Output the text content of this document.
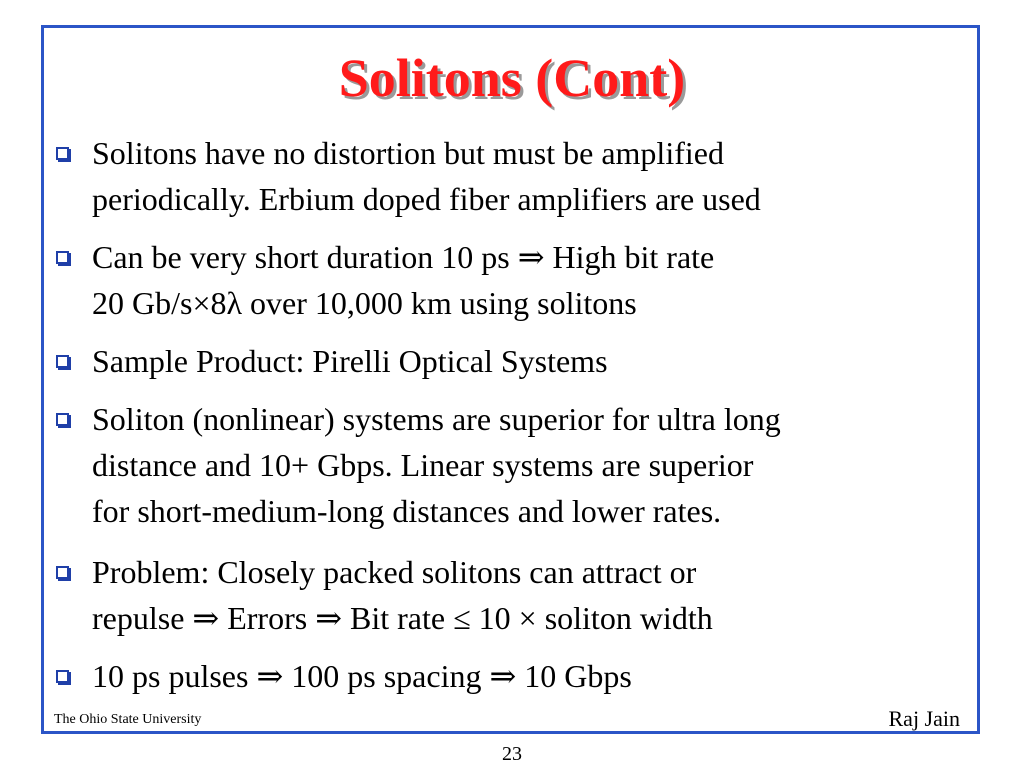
Solitons (Cont)
Solitons have no distortion but must be amplified
periodically. Erbium doped fiber amplifiers are used
Can be very short duration 10 ps ⇒ High bit rate
20 Gb/s×8λ over 10,000 km using solitons
Sample Product: Pirelli Optical Systems
Soliton (nonlinear) systems are superior for ultra long
distance and 10+ Gbps. Linear systems are superior
for short-medium-long distances and lower rates.
Problem: Closely packed solitons can attract or
repulse ⇒ Errors ⇒ Bit rate ≤ 10 × soliton width
10 ps pulses ⇒ 100 ps spacing ⇒ 10 Gbps
The Ohio State University	Raj Jain
23
